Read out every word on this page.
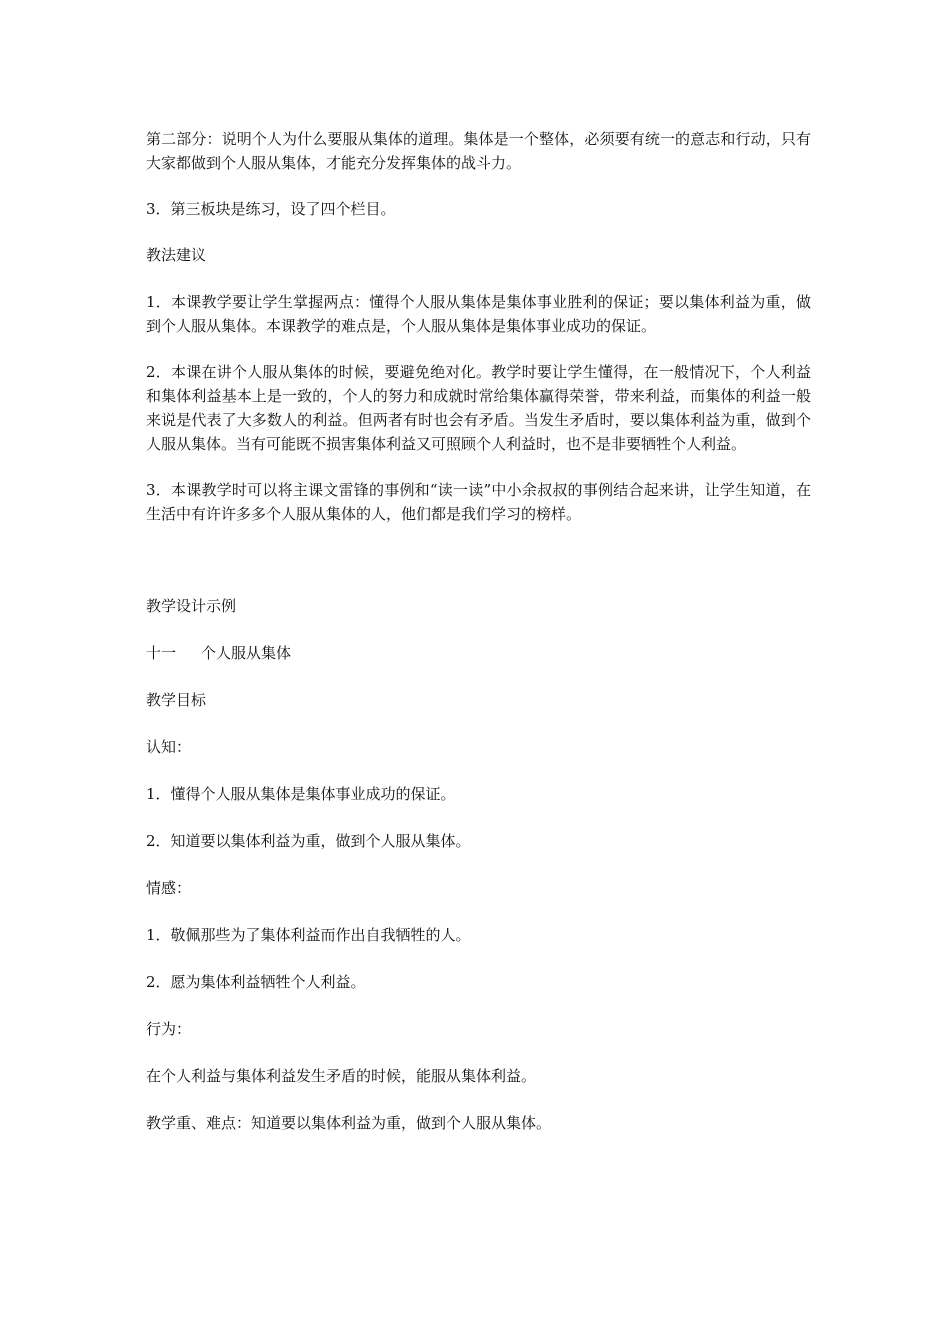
第二部分：说明个人为什么要服从集体的道理。集体是一个整体，必须要有统一的意志和行动，只有大家都做到个人服从集体，才能充分发挥集体的战斗力。

3．第三板块是练习，设了四个栏目。

教法建议

1．本课教学要让学生掌握两点：懂得个人服从集体是集体事业胜利的保证；要以集体利益为重，做到个人服从集体。本课教学的难点是，个人服从集体是集体事业成功的保证。

2．本课在讲个人服从集体的时候，要避免绝对化。教学时要让学生懂得，在一般情况下，个人利益和集体利益基本上是一致的，个人的努力和成就时常给集体赢得荣誉，带来利益，而集体的利益一般来说是代表了大多数人的利益。但两者有时也会有矛盾。当发生矛盾时，要以集体利益为重，做到个人服从集体。当有可能既不损害集体利益又可照顾个人利益时，也不是非要牺牲个人利益。

3．本课教学时可以将主课文雷锋的事例和“读一读”中小余叔叔的事例结合起来讲，让学生知道，在生活中有许许多多个人服从集体的人，他们都是我们学习的榜样。

教学设计示例

十一 个人服从集体

教学目标

认知：

1．懂得个人服从集体是集体事业成功的保证。

2．知道要以集体利益为重，做到个人服从集体。

情感：

1．敬佩那些为了集体利益而作出自我牺牲的人。

2．愿为集体利益牺牲个人利益。

行为：

在个人利益与集体利益发生矛盾的时候，能服从集体利益。

教学重、难点：知道要以集体利益为重，做到个人服从集体。
